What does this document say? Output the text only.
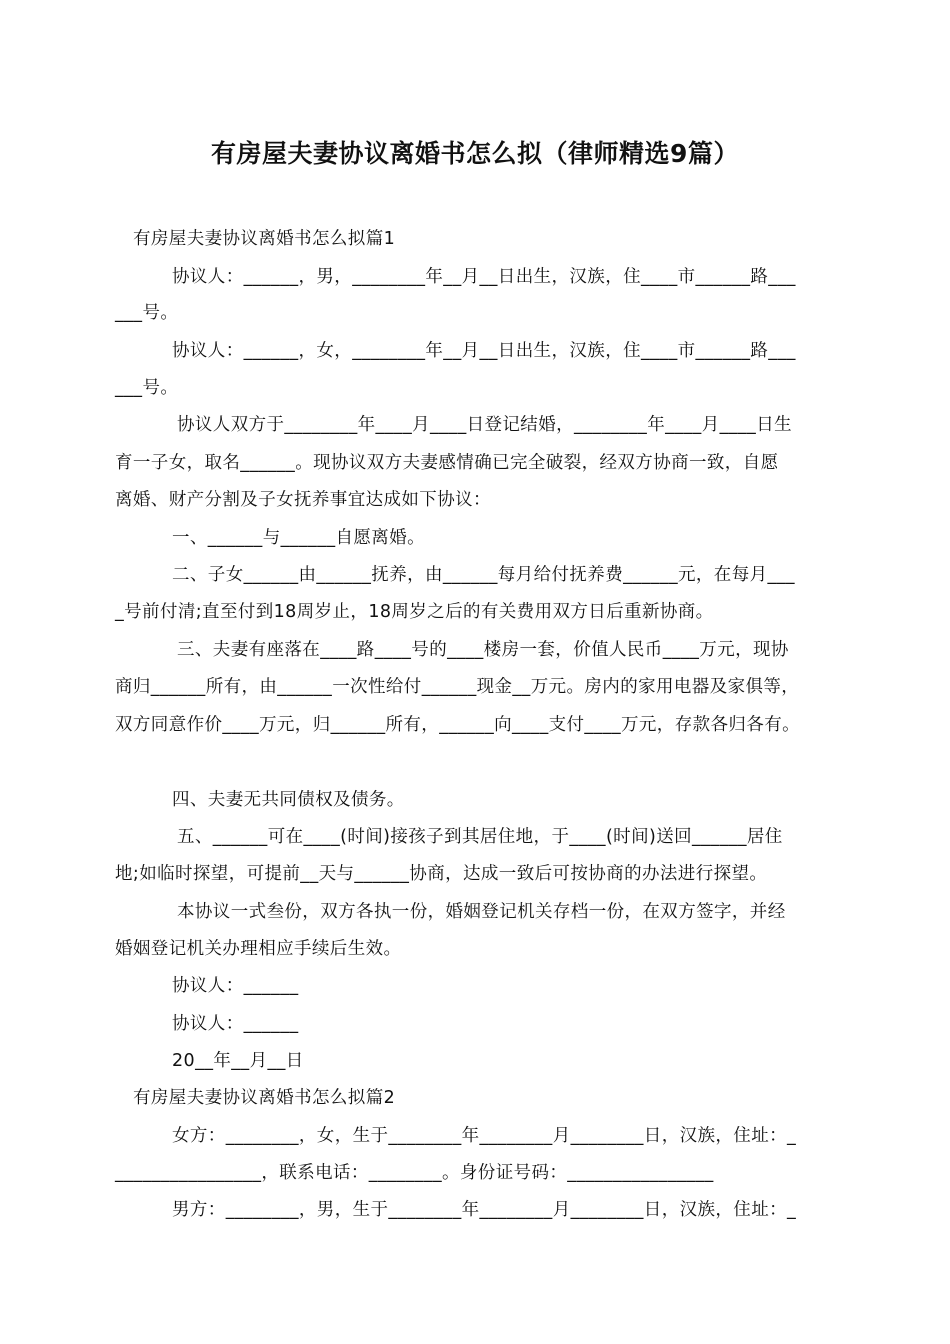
有房屋夫妻协议离婚书怎么拟（律师精选9篇）
有房屋夫妻协议离婚书怎么拟篇1
协议人：______，男，________年__月__日出生，汉族，住____市______路___
___号。
协议人：______，女，________年__月__日出生，汉族，住____市______路___
___号。
协议人双方于________年____月____日登记结婚，________年____月____日生
育一子女，取名______。现协议双方夫妻感情确已完全破裂，经双方协商一致，自愿
离婚、财产分割及子女抚养事宜达成如下协议：
一、______与______自愿离婚。
二、子女______由______抚养，由______每月给付抚养费______元，在每月___
_号前付清;直至付到18周岁止，18周岁之后的有关费用双方日后重新协商。
三、夫妻有座落在____路____号的____楼房一套，价值人民币____万元，现协
商归______所有，由______一次性给付______现金__万元。房内的家用电器及家俱等，
双方同意作价____万元，归______所有，______向____支付____万元，存款各归各有。
四、夫妻无共同债权及债务。
五、______可在____(时间)接孩子到其居住地，于____(时间)送回______居住
地;如临时探望，可提前__天与______协商，达成一致后可按协商的办法进行探望。
本协议一式叁份，双方各执一份，婚姻登记机关存档一份，在双方签字，并经
婚姻登记机关办理相应手续后生效。
协议人：______
协议人：______
20__年__月__日
有房屋夫妻协议离婚书怎么拟篇2
女方：________，女，生于________年________月________日，汉族，住址：_
________________，联系电话：________。身份证号码：________________
男方：________，男，生于________年________月________日，汉族，住址：_
